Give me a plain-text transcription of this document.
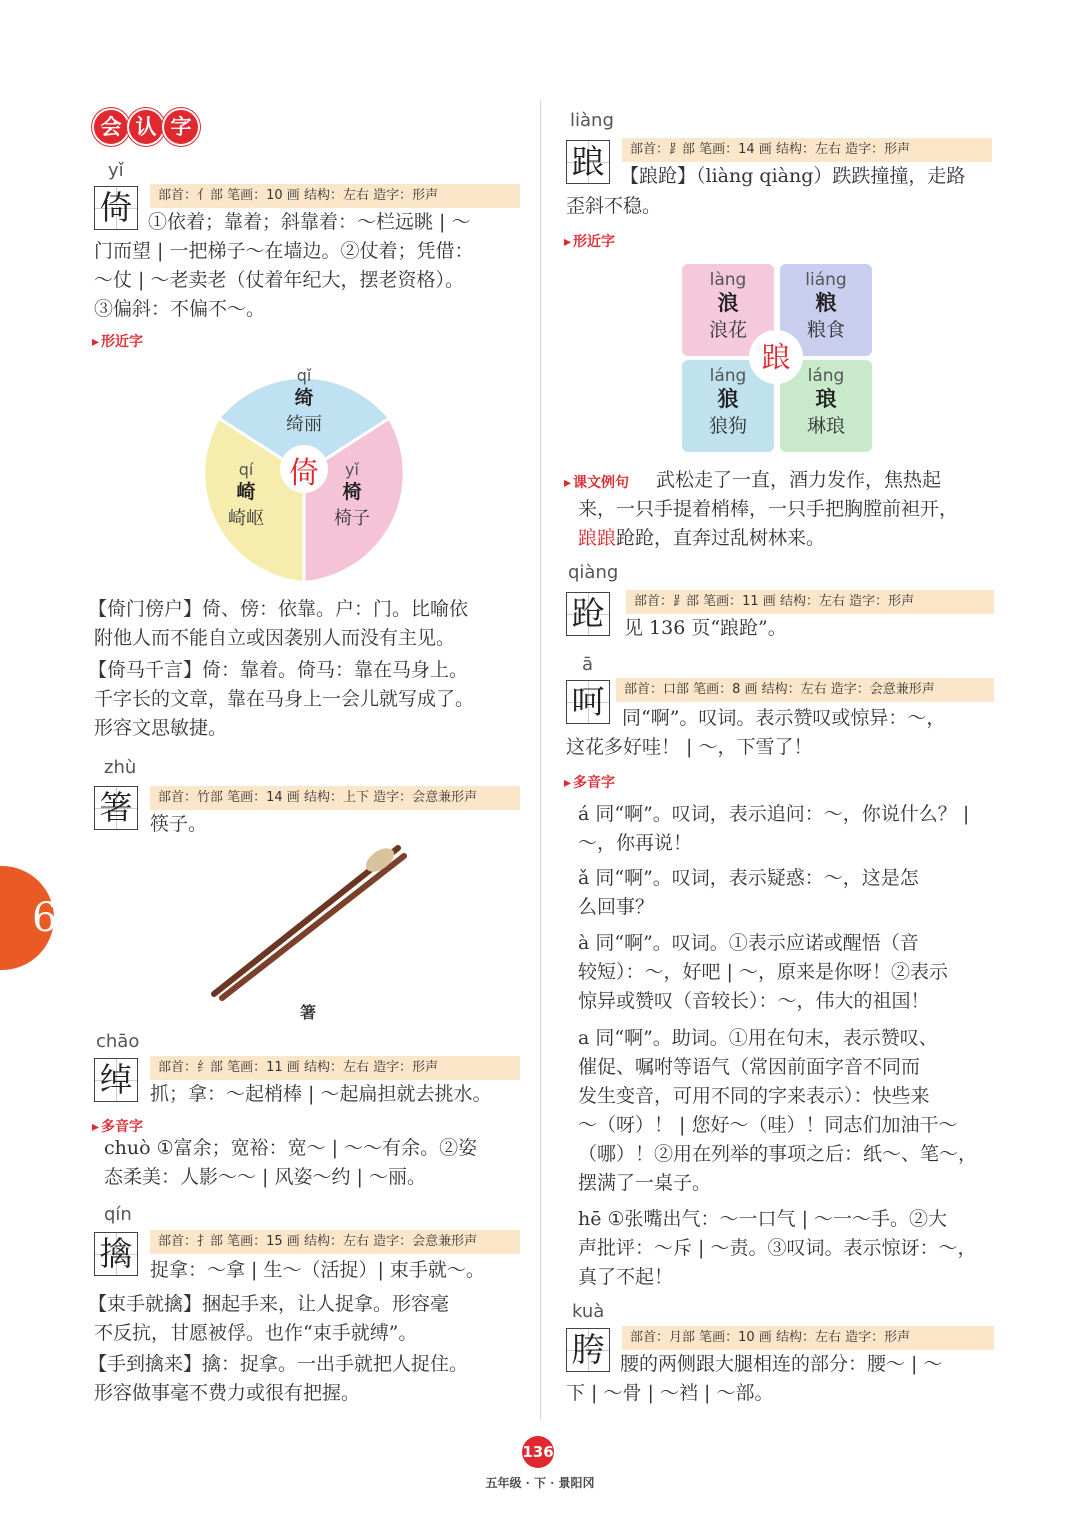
会 认 字
6
yǐ
倚	部首：亻部 笔画：10 画 结构：左右 造字：形声
①依着；靠着；斜靠着：～栏远眺 | ～
门而望 | 一把梯子～在墙边。②仗着；凭借：
～仗 | ～老卖老（仗着年纪大，摆老资格）。
③偏斜：不偏不～。
▸ 形近字
倚
qǐ
绮
绮丽
qí
崎
崎岖
yǐ
椅
椅子
【倚门傍户】倚、傍：依靠。户：门。比喻依
附他人而不能自立或因袭别人而没有主见。
【倚马千言】倚：靠着。倚马：靠在马身上。
千字长的文章，靠在马身上一会儿就写成了。
形容文思敏捷。
zhù
箸	部首：竹部 笔画：14 画 结构：上下 造字：会意兼形声
筷子。
箸
chāo
绰	部首：纟部 笔画：11 画 结构：左右 造字：形声
抓；拿：～起梢棒 | ～起扁担就去挑水。
▸ 多音字
chuò ①富余；宽裕：宽～ | ～～有余。②姿
态柔美：人影～～ | 风姿～约 | ～丽。
qín
擒	部首：扌部 笔画：15 画 结构：左右 造字：会意兼形声
捉拿：～拿 | 生～（活捉）| 束手就～。
【束手就擒】捆起手来，让人捉拿。形容毫
不反抗，甘愿被俘。也作“束手就缚”。
【手到擒来】擒：捉拿。一出手就把人捉住。
形容做事毫不费力或很有把握。
liàng
踉	部首：⻊部 笔画：14 画 结构：左右 造字：形声
【踉跄】（liàng qiàng）跌跌撞撞，走路
歪斜不稳。
▸ 形近字
làng
浪
浪花
liáng
粮
粮食
láng
狼
狼狗
láng
琅
琳琅
踉
▸ 课文例句 武松走了一直，酒力发作，焦热起
来，一只手提着梢棒，一只手把胸膛前袒开，
踉踉跄跄，直奔过乱树林来。
qiàng
跄	部首：⻊部 笔画：11 画 结构：左右 造字：形声
见 136 页“踉跄”。
ā
呵	部首：口部 笔画：8 画 结构：左右 造字：会意兼形声
同“啊”。叹词。表示赞叹或惊异：～，
这花多好哇！ | ～，下雪了！
▸ 多音字
á 同“啊”。叹词，表示追问：～，你说什么？ |
～，你再说！
ǎ 同“啊”。叹词，表示疑惑：～，这是怎
么回事？
à 同“啊”。叹词。①表示应诺或醒悟（音
较短）：～，好吧 | ～，原来是你呀！②表示
惊异或赞叹（音较长）：～，伟大的祖国！
a 同“啊”。助词。①用在句末，表示赞叹、
催促、嘱咐等语气（常因前面字音不同而
发生变音，可用不同的字来表示）：快些来
～（呀）！ | 您好～（哇）！同志们加油干～
（哪）！②用在列举的事项之后：纸～、笔～，
摆满了一桌子。
hē ①张嘴出气：～一口气 | ～一～手。②大
声批评：～斥 | ～责。③叹词。表示惊讶：～，
真了不起！
kuà
胯	部首：月部 笔画：10 画 结构：左右 造字：形声
腰的两侧跟大腿相连的部分：腰～ | ～
下 | ～骨 | ～裆 | ～部。
136
五年级 · 下 · 景阳冈
